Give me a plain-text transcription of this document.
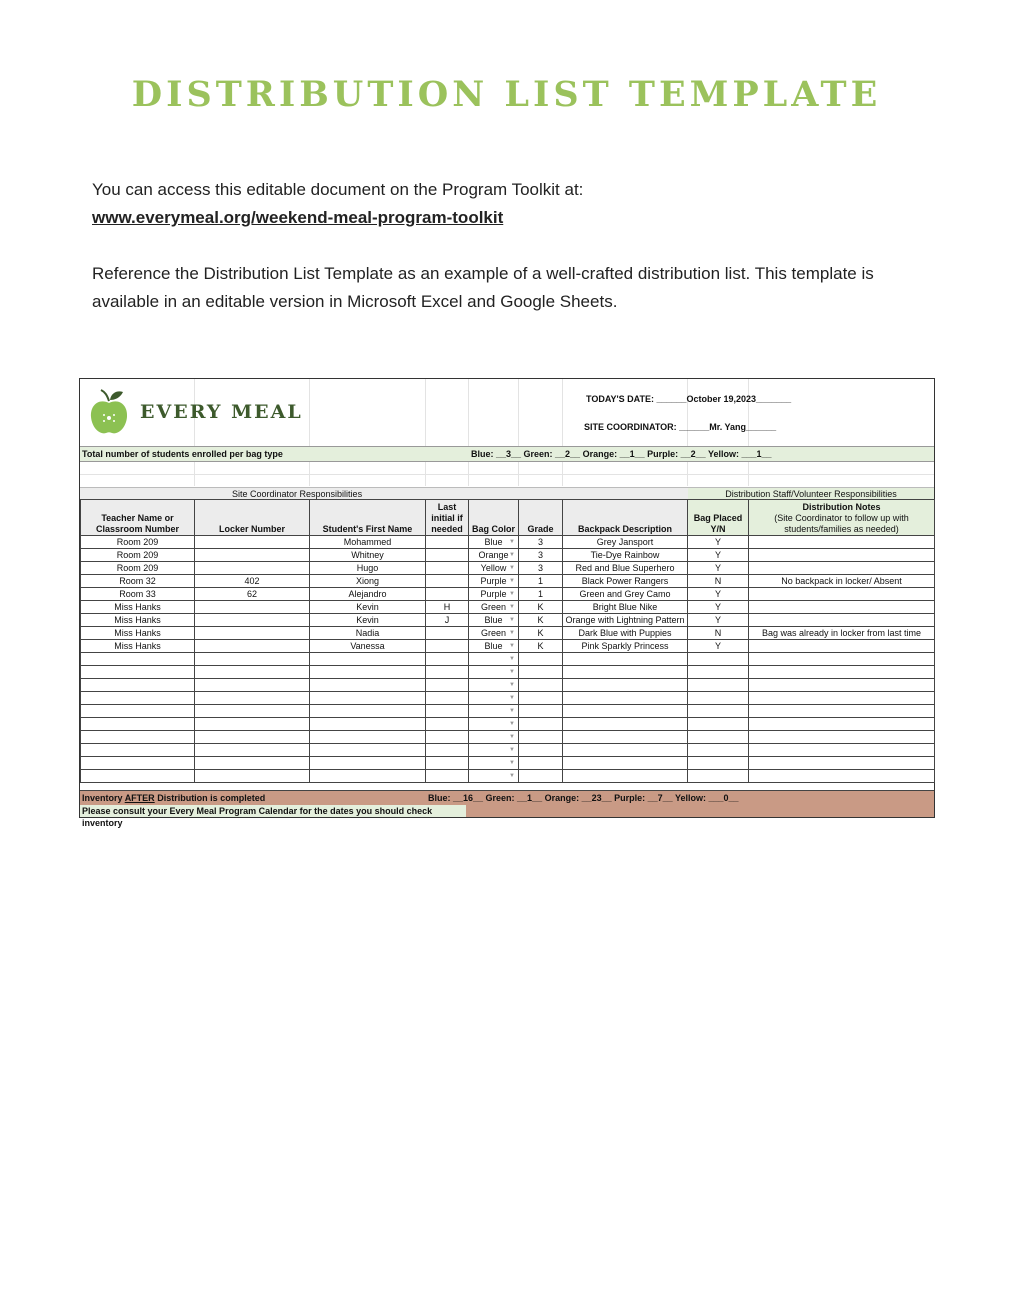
DISTRIBUTION LIST TEMPLATE

You can access this editable document on the Program Toolkit at:

www.everymeal.org/weekend-meal-program-toolkit

Reference the Distribution List Template as an example of a well-crafted distribution list. This template is available in an editable version in Microsoft Excel and Google Sheets.

EVERY MEAL
TODAY'S DATE: ______October 19,2023_______
SITE COORDINATOR: ______Mr. Yang______
Total number of students enrolled per bag type	Blue: __3__ Green: __2__ Orange: __1__ Purple: __2__ Yellow: ___1__
Site Coordinator Responsibilities	Distribution Staff/Volunteer Responsibilities
Teacher Name or Classroom Number	Locker Number	Student's First Name	Last initial if needed	Bag Color	Grade	Backpack Description	Bag Placed Y/N	Distribution Notes
(Site Coordinator to follow up with students/families as needed)

Room 209		Mohammed		Blue ▼	3	Grey Jansport	Y	
Room 209		Whitney		Orange ▼	3	Tie-Dye Rainbow	Y	
Room 209		Hugo		Yellow ▼	3	Red and Blue Superhero	Y	
Room 32	402	Xiong		Purple ▼	1	Black Power Rangers	N	No backpack in locker/ Absent
Room 33	62	Alejandro		Purple ▼	1	Green and Grey Camo	Y	
Miss Hanks		Kevin	H	Green ▼	K	Bright Blue Nike	Y	
Miss Hanks		Kevin	J	Blue ▼	K	Orange with Lightning Pattern	Y	
Miss Hanks		Nadia		Green ▼	K	Dark Blue with Puppies	N	Bag was already in locker from last time
Miss Hanks		Vanessa		Blue ▼	K	Pink Sparkly Princess	Y	

				▼				

				▼				

				▼				

				▼				

				▼				

				▼				

				▼				

				▼				

				▼				

				▼				

Inventory AFTER Distribution is completed	Blue: __16__ Green: __1__ Orange: __23__ Purple: __7__ Yellow: ___0__
Please consult your Every Meal Program Calendar for the dates you should check inventory
